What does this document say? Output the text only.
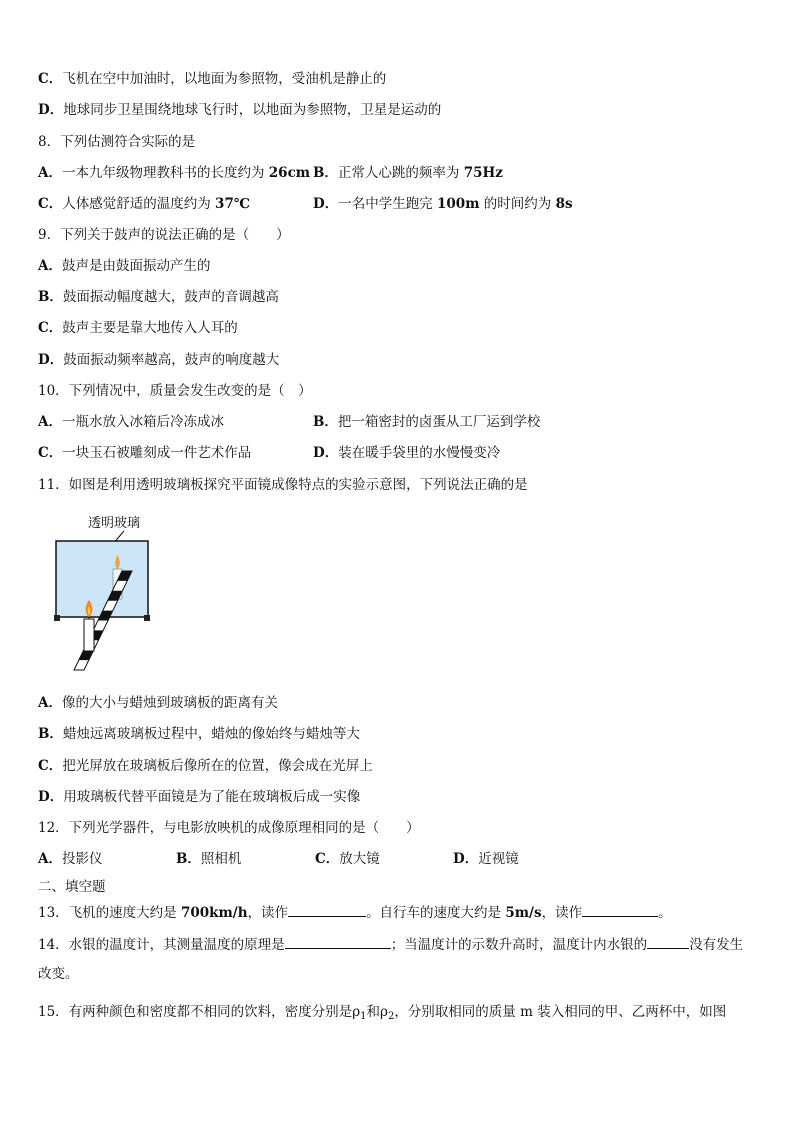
C．飞机在空中加油时，以地面为参照物，受油机是静止的
D．地球同步卫星围绕地球飞行时，以地面为参照物，卫星是运动的
8．下列估测符合实际的是
A．一本九年级物理教科书的长度约为 26cm B．正常人心跳的频率为 75Hz
C．人体感觉舒适的温度约为 37℃	D．一名中学生跑完 100m 的时间约为 8s
9．下列关于鼓声的说法正确的是（　　）
A．鼓声是由鼓面振动产生的
B．鼓面振动幅度越大，鼓声的音调越高
C．鼓声主要是靠大地传入人耳的
D．鼓面振动频率越高，鼓声的响度越大
10．下列情况中，质量会发生改变的是（　）
A．一瓶水放入冰箱后冷冻成冰	B．把一箱密封的卤蛋从工厂运到学校
C．一块玉石被雕刻成一件艺术作品	D．装在暖手袋里的水慢慢变冷
11．如图是利用透明玻璃板探究平面镜成像特点的实验示意图，下列说法正确的是
透明玻璃
A．像的大小与蜡烛到玻璃板的距离有关
B．蜡烛远离玻璃板过程中，蜡烛的像始终与蜡烛等大
C．把光屏放在玻璃板后像所在的位置，像会成在光屏上
D．用玻璃板代替平面镜是为了能在玻璃板后成一实像
12．下列光学器件，与电影放映机的成像原理相同的是（　　）
A．投影仪	B．照相机	C．放大镜	D．近视镜
二、填空题
13．飞机的速度大约是 700km/h，读作	。自行车的速度大约是 5m/s，读作	。
14．水银的温度计，其测量温度的原理是	；当温度计的示数升高时，温度计内水银的	没有发生
改变。
15．有两种颜色和密度都不相同的饮料，密度分别是$\rho_1$和$\rho_2$，分别取相同的质量 m 装入相同的甲、乙两杯中，如图
